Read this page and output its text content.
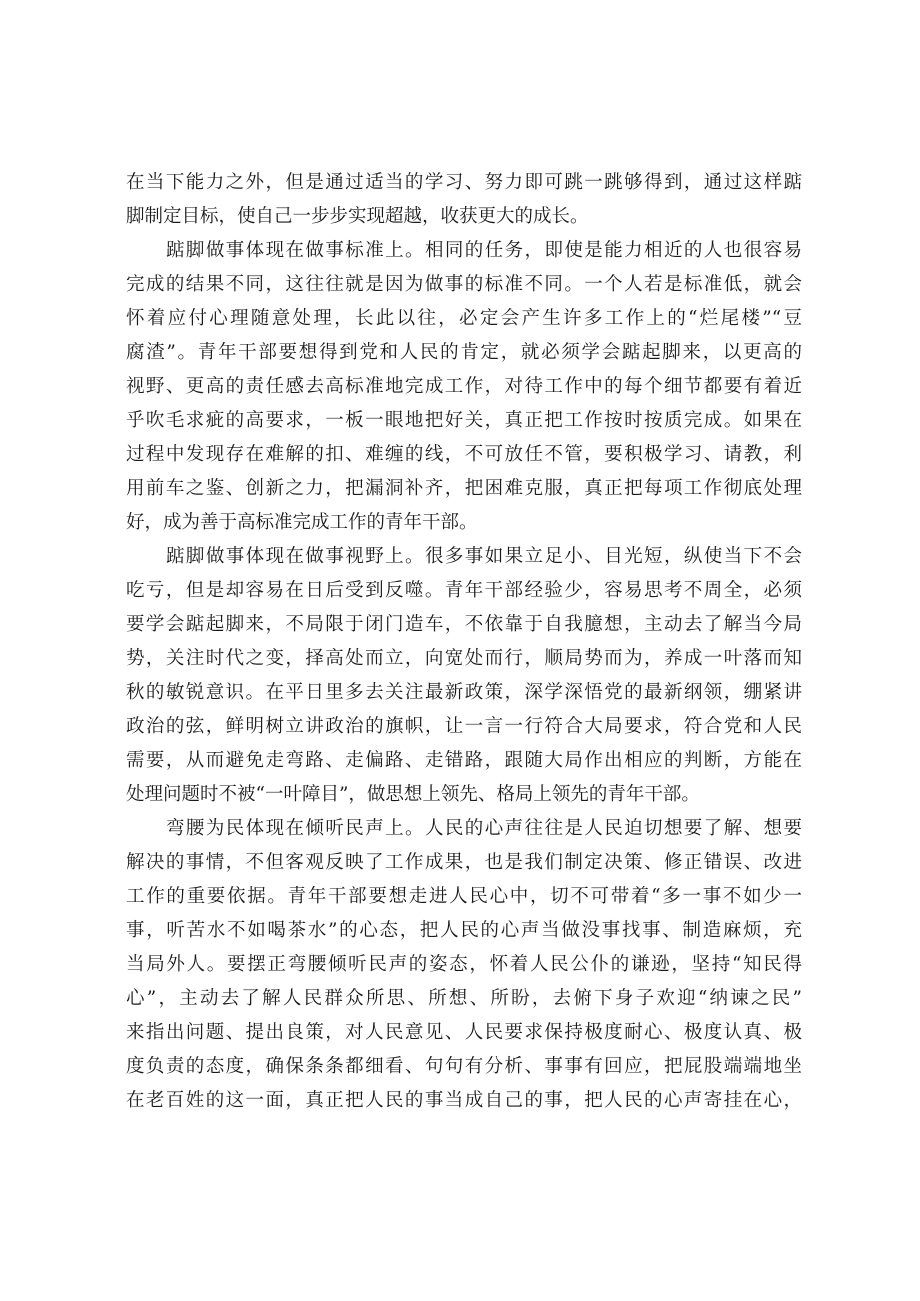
在当下能力之外，但是通过适当的学习、努力即可跳一跳够得到，通过这样踮
脚制定目标，使自己一步步实现超越，收获更大的成长。
踮脚做事体现在做事标准上。相同的任务，即使是能力相近的人也很容易
完成的结果不同，这往往就是因为做事的标准不同。一个人若是标准低，就会
怀着应付心理随意处理，长此以往，必定会产生许多工作上的“烂尾楼”“豆
腐渣”。青年干部要想得到党和人民的肯定，就必须学会踮起脚来，以更高的
视野、更高的责任感去高标准地完成工作，对待工作中的每个细节都要有着近
乎吹毛求疵的高要求，一板一眼地把好关，真正把工作按时按质完成。如果在
过程中发现存在难解的扣、难缠的线，不可放任不管，要积极学习、请教，利
用前车之鉴、创新之力，把漏洞补齐，把困难克服，真正把每项工作彻底处理
好，成为善于高标准完成工作的青年干部。
踮脚做事体现在做事视野上。很多事如果立足小、目光短，纵使当下不会
吃亏，但是却容易在日后受到反噬。青年干部经验少，容易思考不周全，必须
要学会踮起脚来，不局限于闭门造车，不依靠于自我臆想，主动去了解当今局
势，关注时代之变，择高处而立，向宽处而行，顺局势而为，养成一叶落而知
秋的敏锐意识。在平日里多去关注最新政策，深学深悟党的最新纲领，绷紧讲
政治的弦，鲜明树立讲政治的旗帜，让一言一行符合大局要求，符合党和人民
需要，从而避免走弯路、走偏路、走错路，跟随大局作出相应的判断，方能在
处理问题时不被“一叶障目”，做思想上领先、格局上领先的青年干部。
弯腰为民体现在倾听民声上。人民的心声往往是人民迫切想要了解、想要
解决的事情，不但客观反映了工作成果，也是我们制定决策、修正错误、改进
工作的重要依据。青年干部要想走进人民心中，切不可带着“多一事不如少一
事，听苦水不如喝茶水”的心态，把人民的心声当做没事找事、制造麻烦，充
当局外人。要摆正弯腰倾听民声的姿态，怀着人民公仆的谦逊，坚持“知民得
心”，主动去了解人民群众所思、所想、所盼，去俯下身子欢迎“纳谏之民”
来指出问题、提出良策，对人民意见、人民要求保持极度耐心、极度认真、极
度负责的态度，确保条条都细看、句句有分析、事事有回应，把屁股端端地坐
在老百姓的这一面，真正把人民的事当成自己的事，把人民的心声寄挂在心，
